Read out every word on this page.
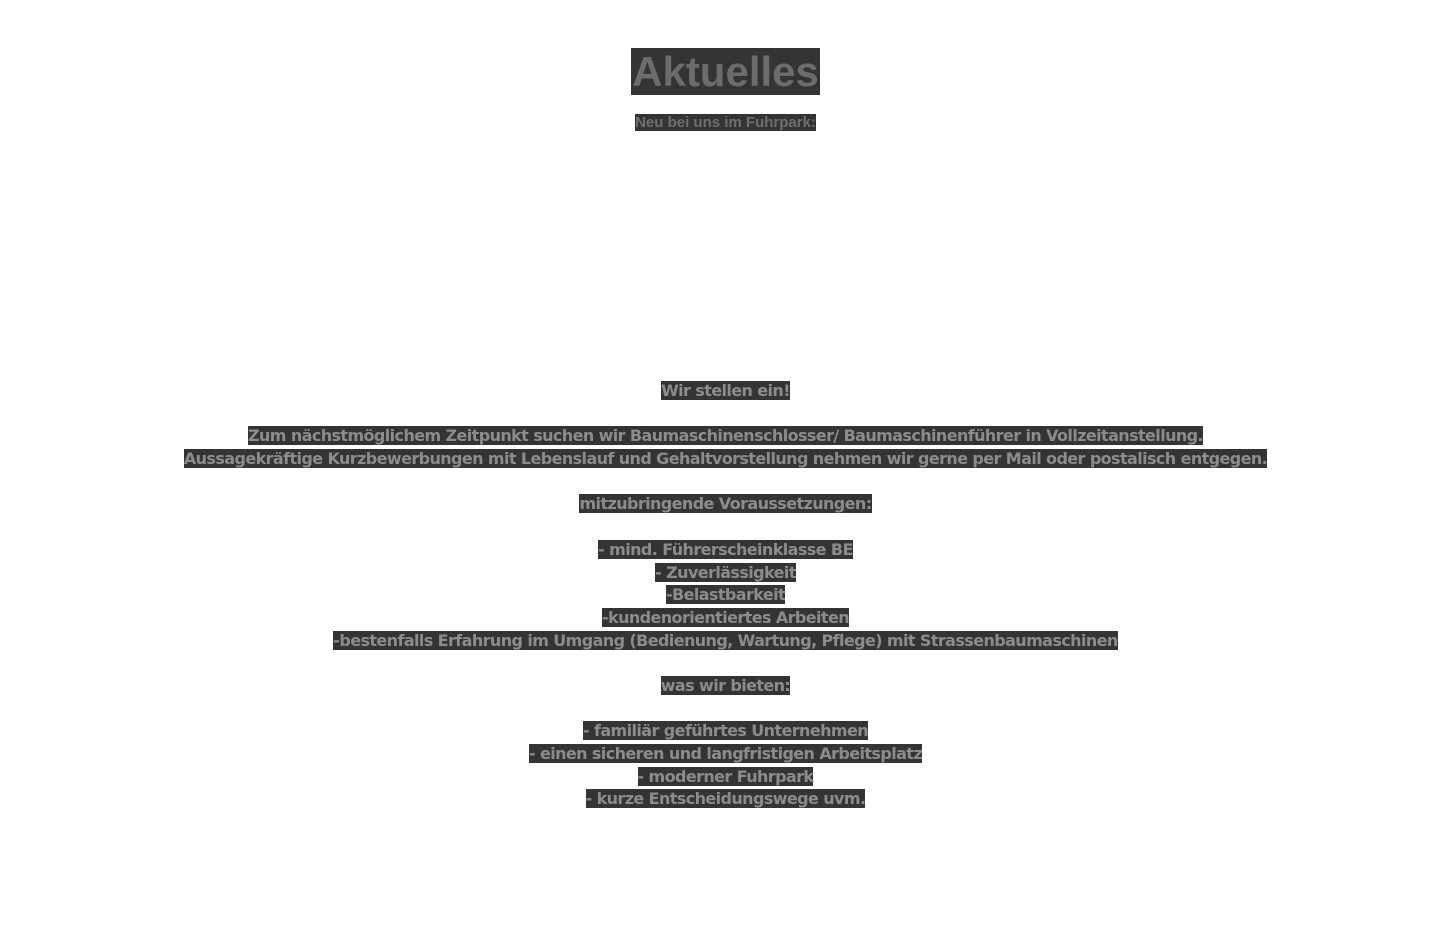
Aktuelles

Neu bei uns im Fuhrpark:

Wir stellen ein!
Zum nächstmöglichem Zeitpunkt suchen wir Baumaschinenschlosser/ Baumaschinenführer in Vollzeitanstellung.
Aussagekräftige Kurzbewerbungen mit Lebenslauf und Gehaltvorstellung nehmen wir gerne per Mail oder postalisch entgegen.
mitzubringende Voraussetzungen:
- mind. Führerscheinklasse BE
- Zuverlässigkeit
-Belastbarkeit
-kundenorientiertes Arbeiten
-bestenfalls Erfahrung im Umgang (Bedienung, Wartung, Pflege) mit Strassenbaumaschinen
was wir bieten:
- familiär geführtes Unternehmen
- einen sicheren und langfristigen Arbeitsplatz
- moderner Fuhrpark
- kurze Entscheidungswege uvm.
